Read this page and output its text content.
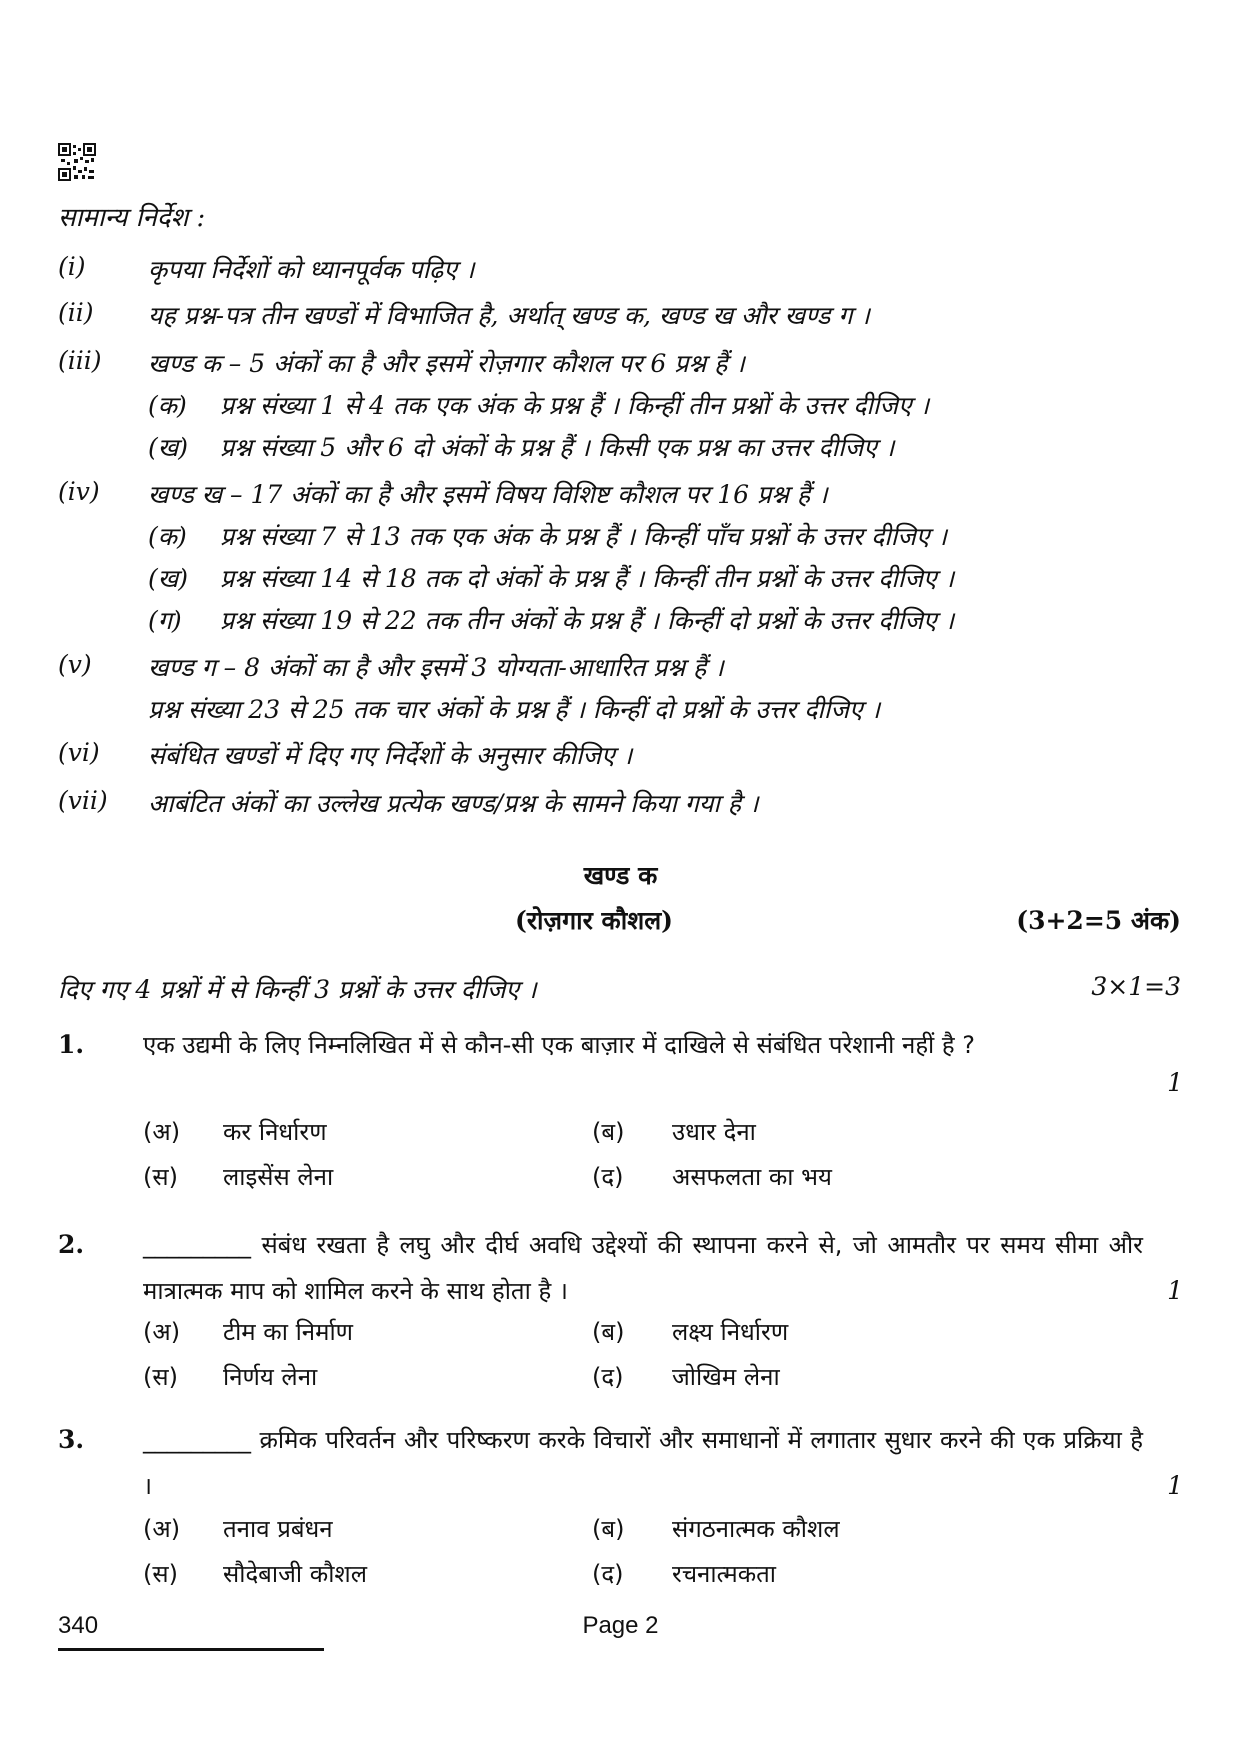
सामान्य निर्देश :
(i)	कृपया निर्देशों को ध्यानपूर्वक पढ़िए ।
(ii)	यह प्रश्न-पत्र तीन खण्डों में विभाजित है, अर्थात् खण्ड क, खण्ड ख और खण्ड ग ।
(iii)	खण्ड क – 5 अंकों का है और इसमें रोज़गार कौशल पर 6 प्रश्न हैं ।
(क)	प्रश्न संख्या 1 से 4 तक एक अंक के प्रश्न हैं । किन्हीं तीन प्रश्नों के उत्तर दीजिए ।
(ख)	प्रश्न संख्या 5 और 6 दो अंकों के प्रश्न हैं । किसी एक प्रश्न का उत्तर दीजिए ।
(iv)	खण्ड ख – 17 अंकों का है और इसमें विषय विशिष्ट कौशल पर 16 प्रश्न हैं ।
(क)	प्रश्न संख्या 7 से 13 तक एक अंक के प्रश्न हैं । किन्हीं पाँच प्रश्नों के उत्तर दीजिए ।
(ख)	प्रश्न संख्या 14 से 18 तक दो अंकों के प्रश्न हैं । किन्हीं तीन प्रश्नों के उत्तर दीजिए ।
(ग)	प्रश्न संख्या 19 से 22 तक तीन अंकों के प्रश्न हैं । किन्हीं दो प्रश्नों के उत्तर दीजिए ।
(v)	खण्ड ग – 8 अंकों का है और इसमें 3 योग्यता-आधारित प्रश्न हैं ।
प्रश्न संख्या 23 से 25 तक चार अंकों के प्रश्न हैं । किन्हीं दो प्रश्नों के उत्तर दीजिए ।
(vi)	संबंधित खण्डों में दिए गए निर्देशों के अनुसार कीजिए ।
(vii)	आबंटित अंकों का उल्लेख प्रत्येक खण्ड/प्रश्न के सामने किया गया है ।
खण्ड क
(रोज़गार कौशल)	(3+2=5 अंक)
दिए गए 4 प्रश्नों में से किन्हीं 3 प्रश्नों के उत्तर दीजिए ।	3×1=3
1. एक उद्यमी के लिए निम्नलिखित में से कौन-सी एक बाज़ार में दाखिले से संबंधित परेशानी नहीं है ?
1
(अ) कर निर्धारण	(ब) उधार देना
(स) लाइसेंस लेना	(द) असफलता का भय
2. _________ संबंध रखता है लघु और दीर्घ अवधि उद्देश्यों की स्थापना करने से, जो आमतौर पर समय सीमा और मात्रात्मक माप को शामिल करने के साथ होता है ।	1
(अ) टीम का निर्माण	(ब) लक्ष्य निर्धारण
(स) निर्णय लेना	(द) जोखिम लेना
3. _________ क्रमिक परिवर्तन और परिष्करण करके विचारों और समाधानों में लगातार सुधार करने की एक प्रक्रिया है ।	1
(अ) तनाव प्रबंधन	(ब) संगठनात्मक कौशल
(स) सौदेबाजी कौशल	(द) रचनात्मकता
340	Page 2
